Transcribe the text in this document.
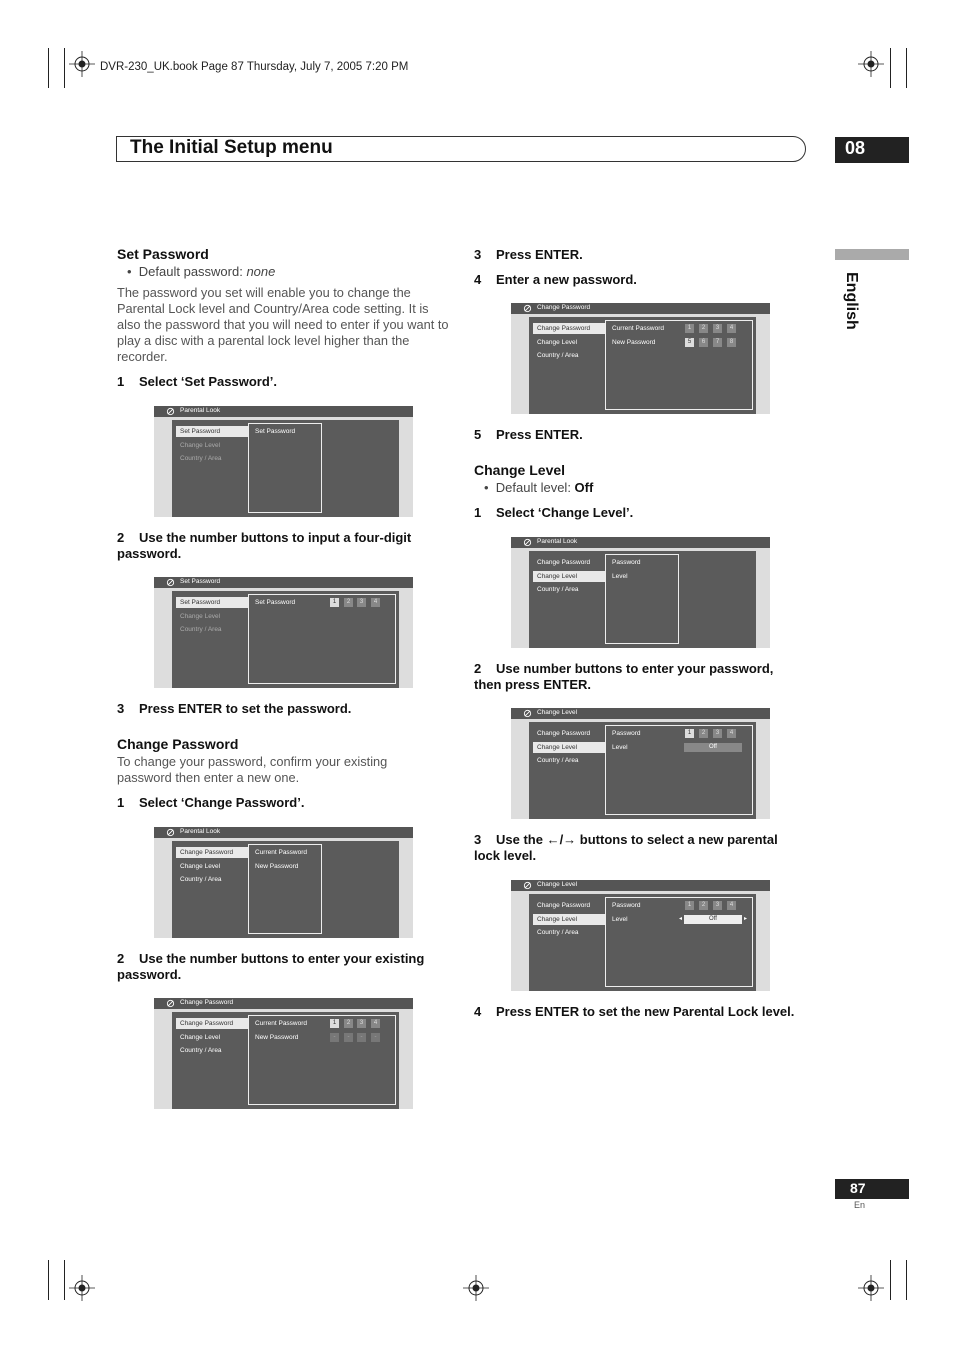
DVR-230_UK.book Page 87 Thursday, July 7, 2005 7:20 PM
The Initial Setup menu	08
English
Set Password
•  Default password: none
The password you set will enable you to change the Parental Lock level and Country/Area code setting. It is also the password that you will need to enter if you want to play a disc with a parental lock level higher than the recorder.
1 Select ‘Set Password’.
Parental Look
Set Password
Change Level
Country / Area
Set Password
2 Use the number buttons to input a four-digit password.
Set Password
Set Password
Change Level
Country / Area
Set Password	1	2	3	4
3 Press ENTER to set the password.
Change Password
To change your password, confirm your existing password then enter a new one.
1 Select ‘Change Password’.
Parental Look
Change Password
Change Level
Country / Area
Current Password
New Password
2 Use the number buttons to enter your existing password.
Change Password
Change Password
Change Level
Country / Area
Current Password
New Password
1	2	3	4
-	-	-	-
3 Press ENTER.
4 Enter a new password.
Change Password
Change Password
Change Level
Country / Area
Current Password
New Password
1	2	3	4
5	6	7	8
5 Press ENTER.
Change Level
•  Default level: Off
1 Select ‘Change Level’.
Parental Look
Change Password
Change Level
Country / Area
Password
Level
2 Use number buttons to enter your password, then press ENTER.
Change Level
Change Password
Change Level
Country / Area
Password
Level
1	2	3	4
Off
3 Use the ←/→ buttons to select a new parental lock level.
Change Level
Change Password
Change Level
Country / Area
Password
Level
1	2	3	4
◂	Off	▸
4 Press ENTER to set the new Parental Lock level.
87
En
